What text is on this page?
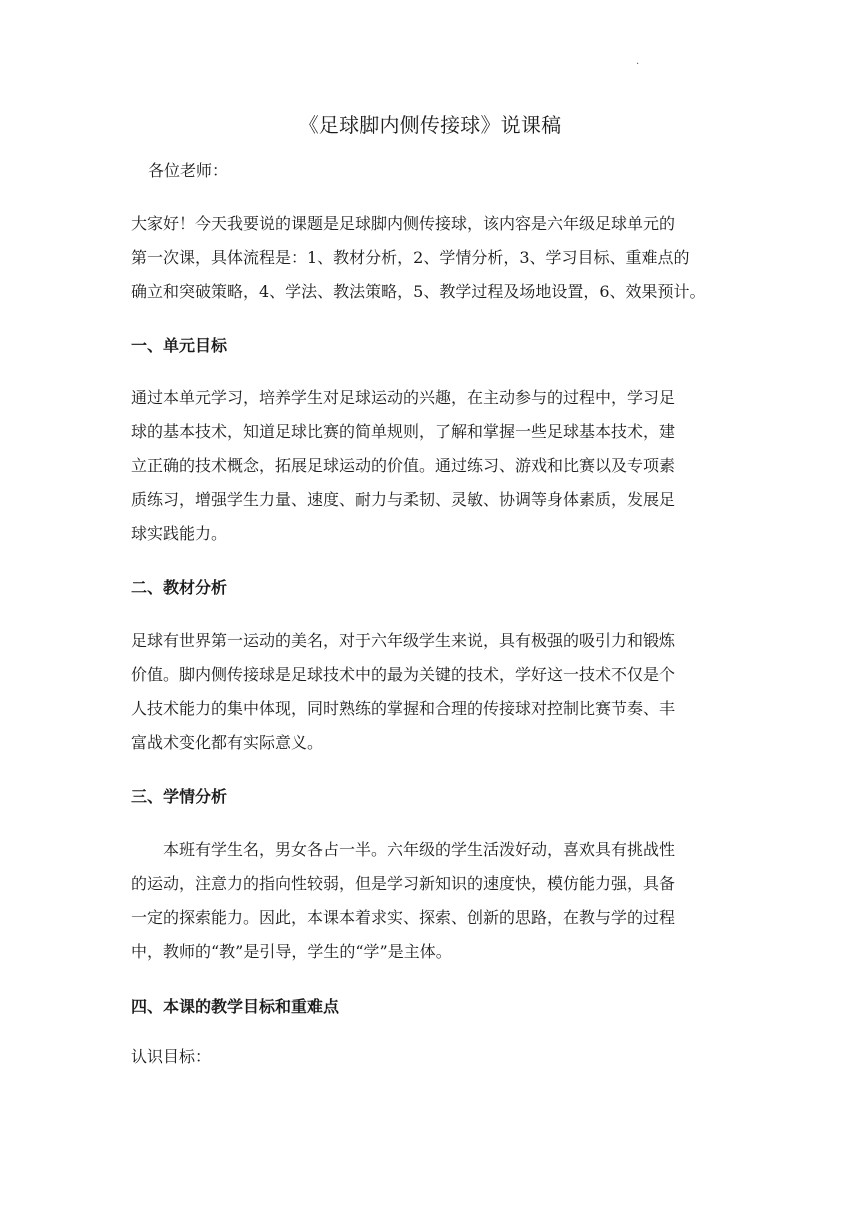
.
《足球脚内侧传接球》说课稿
各位老师：

大家好！今天我要说的课题是足球脚内侧传接球，该内容是六年级足球单元的
第一次课，具体流程是：1、教材分析，2、学情分析，3、学习目标、重难点的
确立和突破策略，4、学法、教法策略，5、教学过程及场地设置，6、效果预计。

一、单元目标

通过本单元学习，培养学生对足球运动的兴趣，在主动参与的过程中，学习足
球的基本技术，知道足球比赛的简单规则，了解和掌握一些足球基本技术，建
立正确的技术概念，拓展足球运动的价值。通过练习、游戏和比赛以及专项素
质练习，增强学生力量、速度、耐力与柔韧、灵敏、协调等身体素质，发展足
球实践能力。

二、教材分析

足球有世界第一运动的美名，对于六年级学生来说，具有极强的吸引力和锻炼
价值。脚内侧传接球是足球技术中的最为关键的技术，学好这一技术不仅是个
人技术能力的集中体现，同时熟练的掌握和合理的传接球对控制比赛节奏、丰
富战术变化都有实际意义。

三、学情分析

本班有学生名，男女各占一半。六年级的学生活泼好动，喜欢具有挑战性
的运动，注意力的指向性较弱，但是学习新知识的速度快，模仿能力强，具备
一定的探索能力。因此，本课本着求实、探索、创新的思路，在教与学的过程
中，教师的“教”是引导，学生的“学”是主体。

四、本课的教学目标和重难点

认识目标：
